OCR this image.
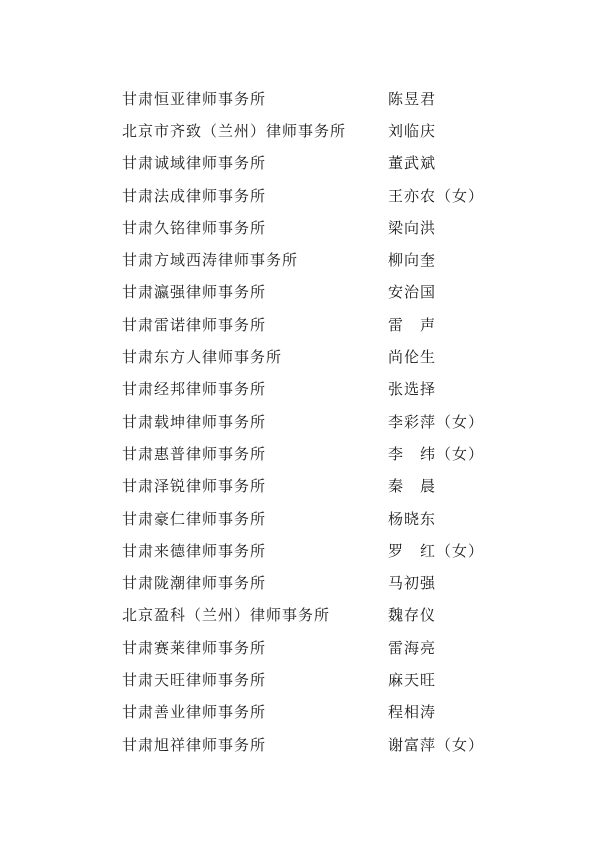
甘肃恒亚律师事务所	陈昱君
北京市齐致（兰州）律师事务所	刘临庆
甘肃诚域律师事务所	董武斌
甘肃法成律师事务所	王亦农（女）
甘肃久铭律师事务所	梁向洪
甘肃方域西涛律师事务所	柳向奎
甘肃瀛强律师事务所	安治国
甘肃雷诺律师事务所	雷　声
甘肃东方人律师事务所	尚伦生
甘肃经邦律师事务所	张选择
甘肃载坤律师事务所	李彩萍（女）
甘肃惠普律师事务所	李　纬（女）
甘肃泽锐律师事务所	秦　晨
甘肃豪仁律师事务所	杨晓东
甘肃来德律师事务所	罗　红（女）
甘肃陇潮律师事务所	马初强
北京盈科（兰州）律师事务所	魏存仪
甘肃赛莱律师事务所	雷海亮
甘肃天旺律师事务所	麻天旺
甘肃善业律师事务所	程相涛
甘肃旭祥律师事务所	谢富萍（女）
